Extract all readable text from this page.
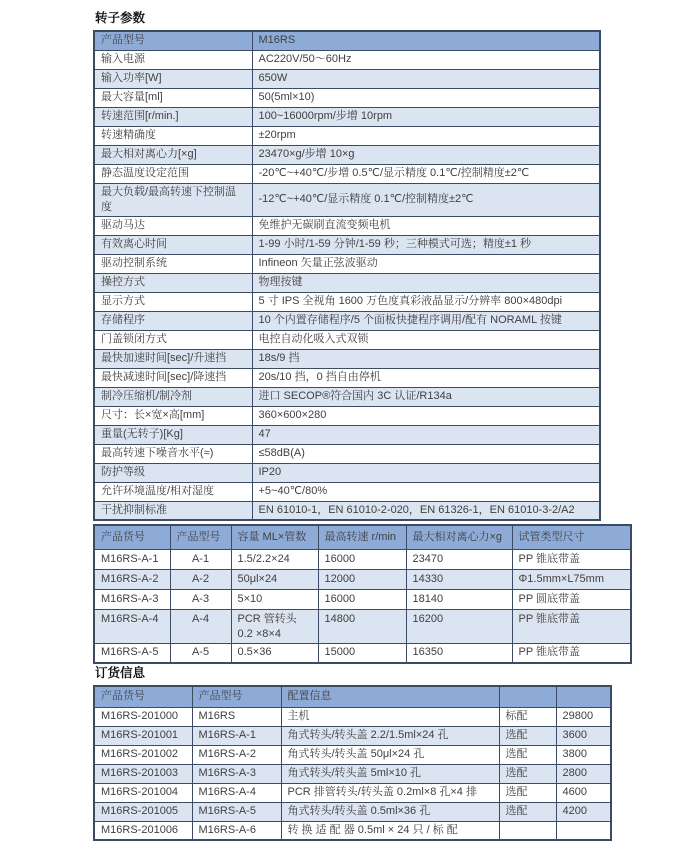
转子参数
产品型号	M16RS
输入电源	AC220V/50～60Hz
输入功率[W]	650W
最大容量[ml]	50(5ml×10)
转速范围[r/min.]	100~16000rpm/步增 10rpm
转速精确度	±20rpm
最大相对离心力[×g]	23470×g/步增 10×g
静态温度设定范围	-20℃~+40℃/步增 0.5℃/显示精度 0.1℃/控制精度±2℃
最大负载/最高转速下控制温度	-12℃~+40℃/显示精度 0.1℃/控制精度±2℃
驱动马达	免维护无碳刷直流变频电机
有效离心时间	1-99 小时/1-59 分钟/1-59 秒；三种模式可选；精度±1 秒
驱动控制系统	Infineon 矢量正弦波驱动
操控方式	物理按键
显示方式	5 寸 IPS 全视角 1600 万色度真彩液晶显示/分辨率 800×480dpi
存储程序	10 个内置存储程序/5 个面板快捷程序调用/配有 NORAML 按键
门盖锁闭方式	电控自动化吸入式双锁
最快加速时间[sec]/升速挡	18s/9 挡
最快减速时间[sec]/降速挡	20s/10 挡，0 挡自由停机
制冷压缩机/制冷剂	进口 SECOP®符合国内 3C 认证/R134a
尺寸：长×宽×高[mm]	360×600×280
重量(无转子)[Kg]	47
最高转速下噪音水平(≈)	≤58dB(A)
防护等级	IP20
允许环境温度/相对湿度	+5~40℃/80%
干扰抑制标准	EN 61010-1，EN 61010-2-020，EN 61326-1，EN 61010-3-2/A2
产品货号	产品型号	容量 ML×管数	最高转速 r/min	最大相对离心力×g	试管类型尺寸
M16RS-A-1	A-1	1.5/2.2×24	16000	23470	PP 锥底带盖
M16RS-A-2	A-2	50μl×24	12000	14330	Φ1.5mm×L75mm
M16RS-A-3	A-3	5×10	16000	18140	PP 圆底带盖
M16RS-A-4	A-4	PCR 管转头 0.2 ×8×4	14800	16200	PP 锥底带盖
M16RS-A-5	A-5	0.5×36	15000	16350	PP 锥底带盖
订货信息
产品货号	产品型号	配置信息		
M16RS-201000	M16RS	主机	标配	29800
M16RS-201001	M16RS-A-1	角式转头/转头盖 2.2/1.5ml×24 孔	选配	3600
M16RS-201002	M16RS-A-2	角式转头/转头盖 50μl×24 孔	选配	3800
M16RS-201003	M16RS-A-3	角式转头/转头盖 5ml×10 孔	选配	2800
M16RS-201004	M16RS-A-4	PCR 排管转头/转头盖 0.2ml×8 孔×4 排	选配	4600
M16RS-201005	M16RS-A-5	角式转头/转头盖 0.5ml×36 孔	选配	4200
M16RS-201006	M16RS-A-6	转 换 适 配 器 0.5ml × 24 只 / 标 配		
